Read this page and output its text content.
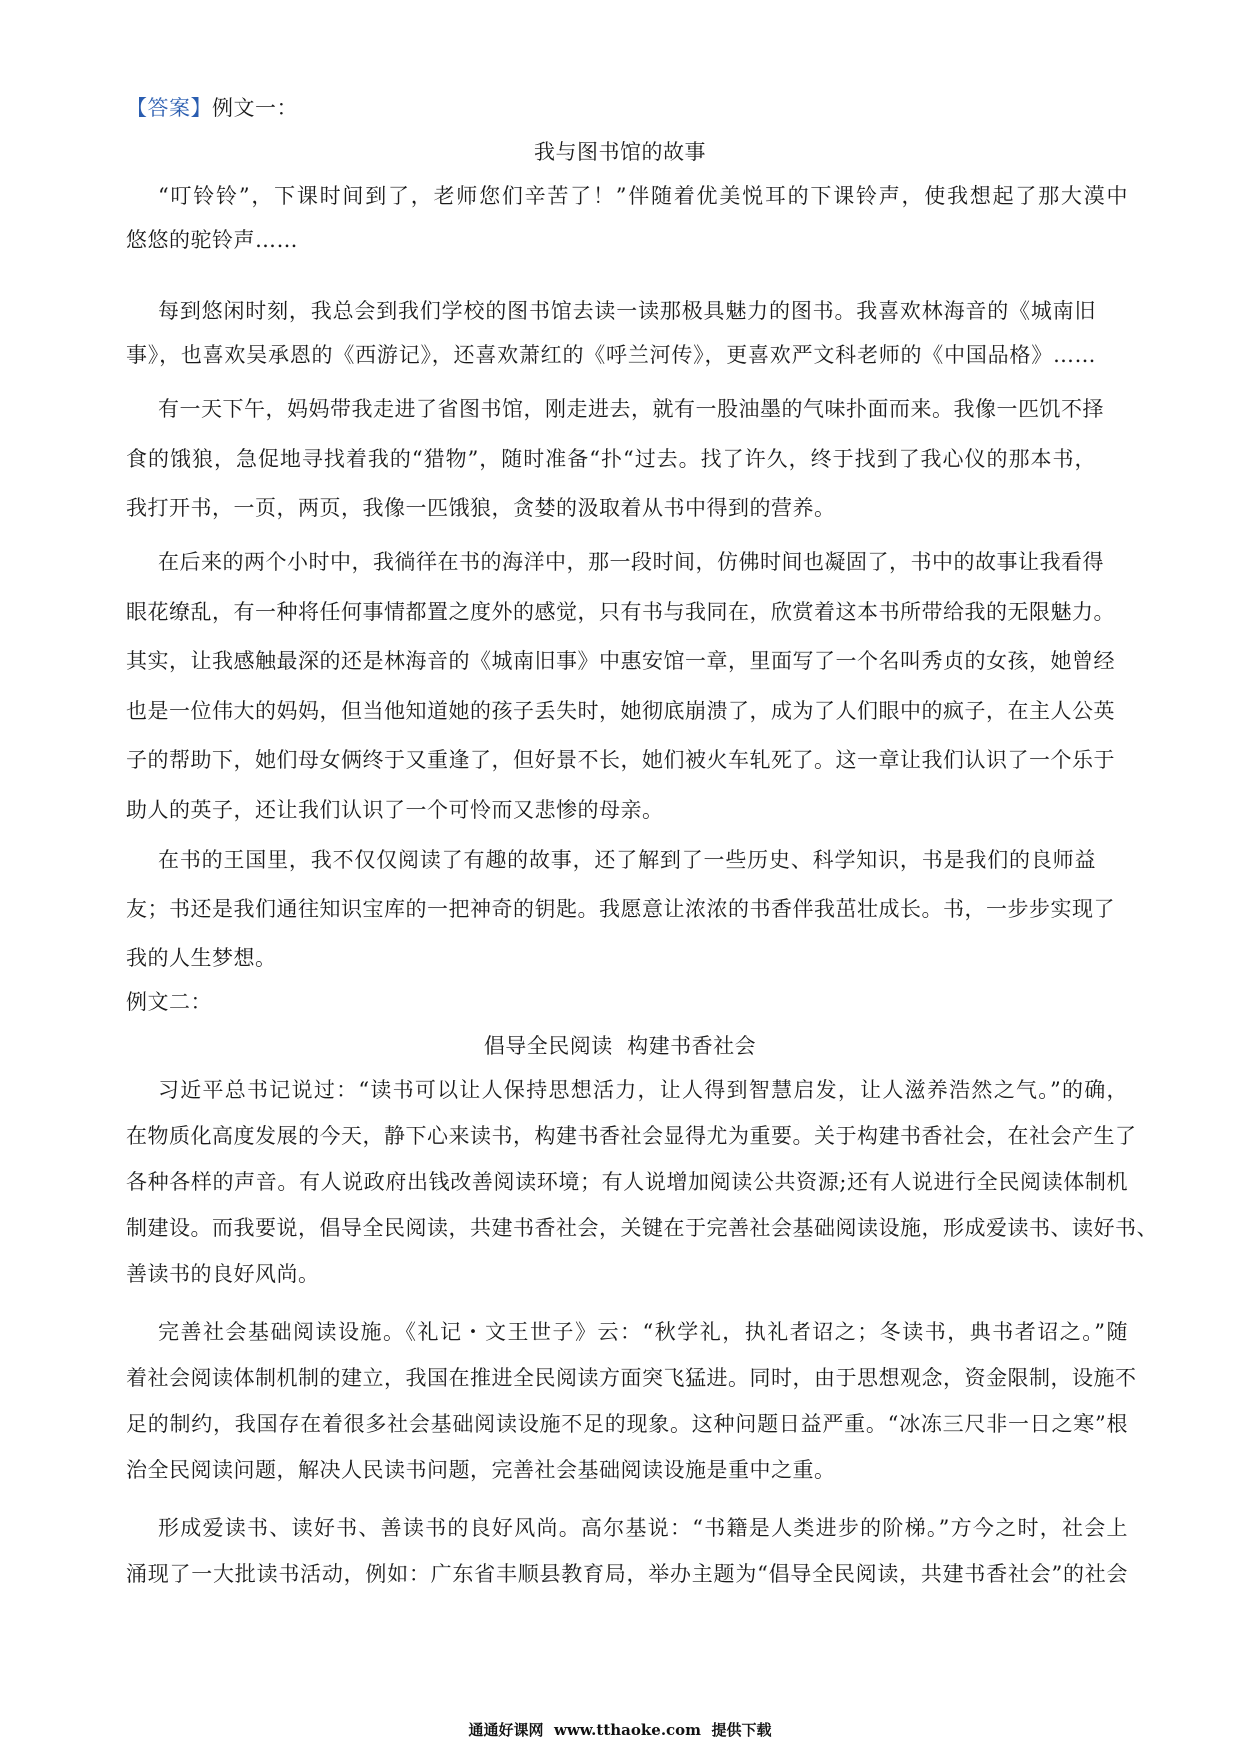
【答案】例文一：
我与图书馆的故事
“叮铃铃”，下课时间到了，老师您们辛苦了！”伴随着优美悦耳的下课铃声，使我想起了那大漠中
悠悠的驼铃声……
每到悠闲时刻，我总会到我们学校的图书馆去读一读那极具魅力的图书。我喜欢林海音的《城南旧
事》，也喜欢吴承恩的《西游记》，还喜欢萧红的《呼兰河传》，更喜欢严文科老师的《中国品格》……
有一天下午，妈妈带我走进了省图书馆，刚走进去，就有一股油墨的气味扑面而来。我像一匹饥不择
食的饿狼，急促地寻找着我的“猎物”，随时准备“扑“过去。找了许久，终于找到了我心仪的那本书，
我打开书，一页，两页，我像一匹饿狼，贪婪的汲取着从书中得到的营养。
在后来的两个小时中，我徜徉在书的海洋中，那一段时间，仿佛时间也凝固了，书中的故事让我看得
眼花缭乱，有一种将任何事情都置之度外的感觉，只有书与我同在，欣赏着这本书所带给我的无限魅力。
其实，让我感触最深的还是林海音的《城南旧事》中惠安馆一章，里面写了一个名叫秀贞的女孩，她曾经
也是一位伟大的妈妈，但当他知道她的孩子丢失时，她彻底崩溃了，成为了人们眼中的疯子，在主人公英
子的帮助下，她们母女俩终于又重逢了，但好景不长，她们被火车轧死了。这一章让我们认识了一个乐于
助人的英子，还让我们认识了一个可怜而又悲惨的母亲。
在书的王国里，我不仅仅阅读了有趣的故事，还了解到了一些历史、科学知识，书是我们的良师益
友；书还是我们通往知识宝库的一把神奇的钥匙。我愿意让浓浓的书香伴我茁壮成长。书，一步步实现了
我的人生梦想。
例文二：
倡导全民阅读  构建书香社会
习近平总书记说过：“读书可以让人保持思想活力，让人得到智慧启发，让人滋养浩然之气。”的确，
在物质化高度发展的今天，静下心来读书，构建书香社会显得尤为重要。关于构建书香社会，在社会产生了
各种各样的声音。有人说政府出钱改善阅读环境；有人说增加阅读公共资源;还有人说进行全民阅读体制机
制建设。而我要说，倡导全民阅读，共建书香社会，关键在于完善社会基础阅读设施，形成爱读书、读好书、
善读书的良好风尚。
完善社会基础阅读设施。《礼记・文王世子》云：“秋学礼，执礼者诏之；冬读书，典书者诏之。”随
着社会阅读体制机制的建立，我国在推进全民阅读方面突飞猛进。同时，由于思想观念，资金限制，设施不
足的制约，我国存在着很多社会基础阅读设施不足的现象。这种问题日益严重。“冰冻三尺非一日之寒”根
治全民阅读问题，解决人民读书问题，完善社会基础阅读设施是重中之重。
形成爱读书、读好书、善读书的良好风尚。高尔基说：“书籍是人类进步的阶梯。”方今之时，社会上
涌现了一大批读书活动，例如：广东省丰顺县教育局，举办主题为“倡导全民阅读，共建书香社会”的社会
通通好课网  www.tthaoke.com  提供下载
